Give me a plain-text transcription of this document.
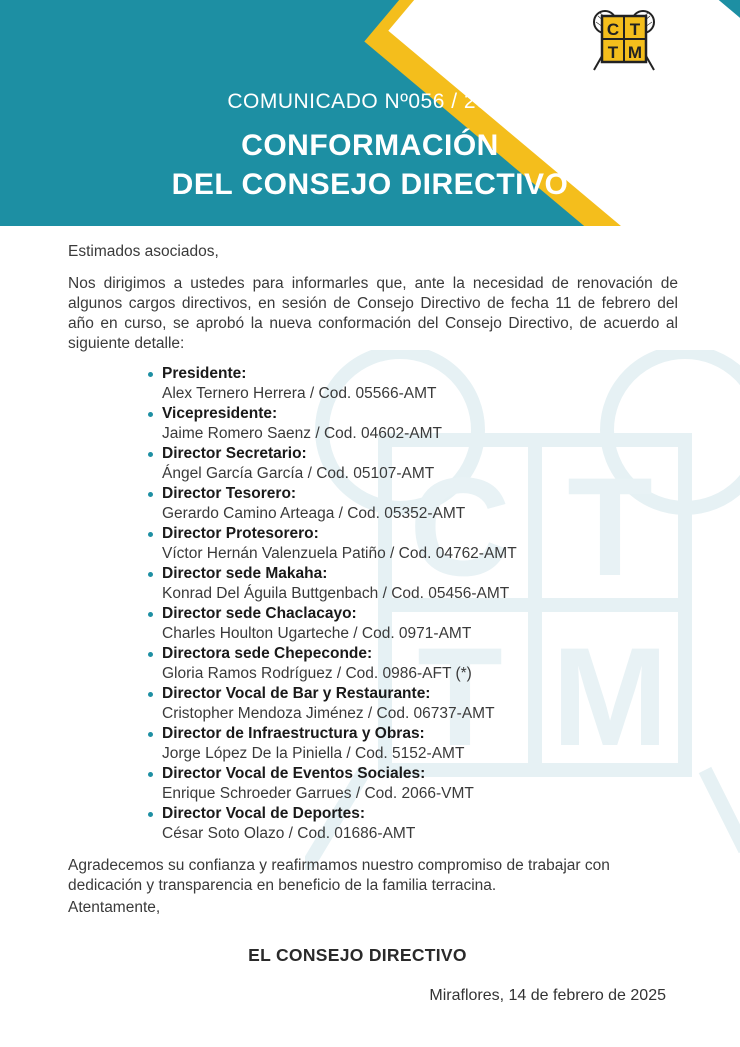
C T
T M
COMUNICADO Nº056 / 2025
CONFORMACIÓN
DEL CONSEJO DIRECTIVO
C T
T M

Estimados asociados,

Nos dirigimos a ustedes para informarles que, ante la necesidad de renovación de algunos cargos directivos, en sesión de Consejo Directivo de fecha 11 de febrero del año en curso, se aprobó la nueva conformación del Consejo Directivo, de acuerdo al siguiente detalle:

Presidente:
Alex Ternero Herrera / Cod. 05566-AMT
Vicepresidente:
Jaime Romero Saenz / Cod. 04602-AMT
Director Secretario:
Ángel García García / Cod. 05107-AMT
Director Tesorero:
Gerardo Camino Arteaga / Cod. 05352-AMT
Director Protesorero:
Víctor Hernán Valenzuela Patiño / Cod. 04762-AMT
Director sede Makaha:
Konrad Del Águila Buttgenbach / Cod. 05456-AMT
Director sede Chaclacayo:
Charles Houlton Ugarteche / Cod. 0971-AMT
Directora sede Chepeconde:
Gloria Ramos Rodríguez / Cod. 0986-AFT (*)
Director Vocal de Bar y Restaurante:
Cristopher Mendoza Jiménez / Cod. 06737-AMT
Director de Infraestructura y Obras:
Jorge López De la Piniella / Cod. 5152-AMT
Director Vocal de Eventos Sociales:
Enrique Schroeder Garrues / Cod. 2066-VMT
Director Vocal de Deportes:
César Soto Olazo / Cod. 01686-AMT

Agradecemos su confianza y reafirmamos nuestro compromiso de trabajar con dedicación y transparencia en beneficio de la familia terracina.

Atentamente,

EL CONSEJO DIRECTIVO
Miraflores, 14 de febrero de 2025
